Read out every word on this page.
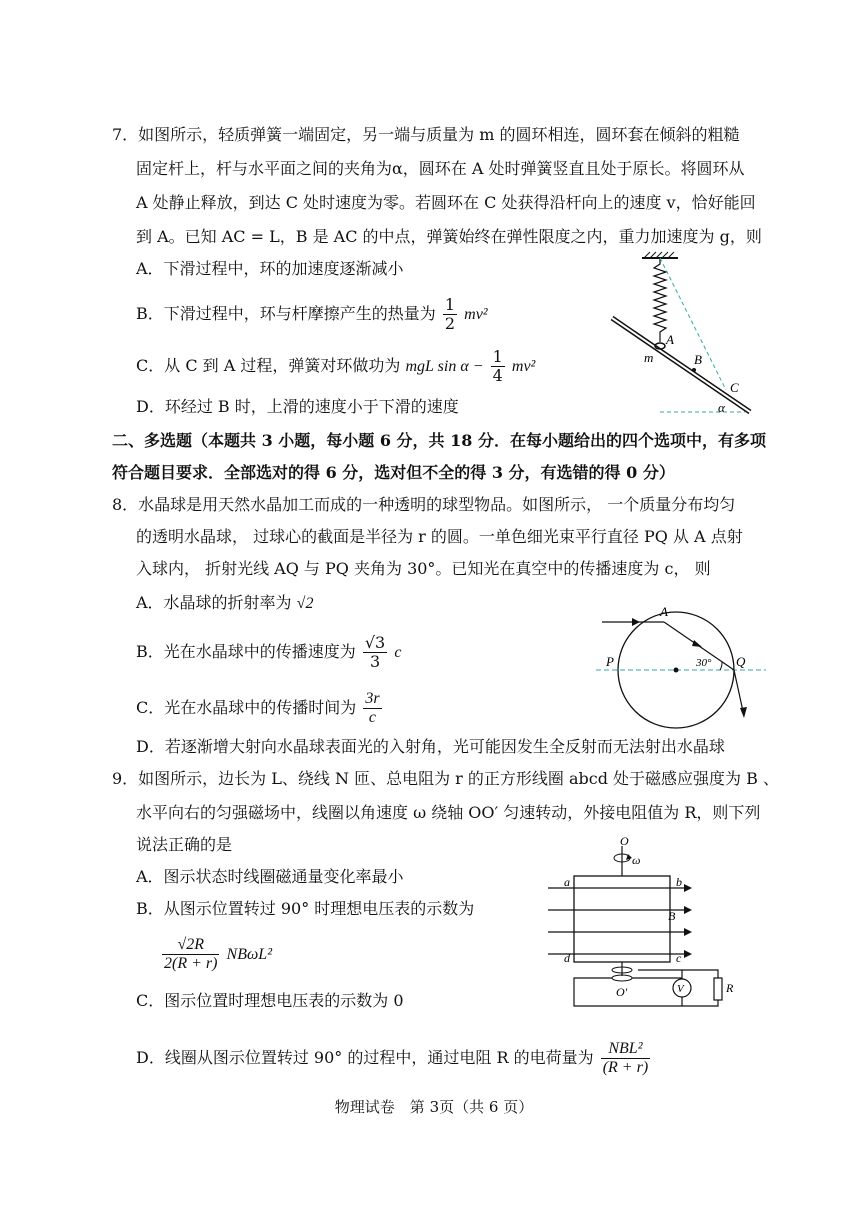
7．如图所示，轻质弹簧一端固定，另一端与质量为 m 的圆环相连，圆环套在倾斜的粗糙
固定杆上，杆与水平面之间的夹角为α，圆环在 A 处时弹簧竖直且处于原长。将圆环从
A 处静止释放，到达 C 处时速度为零。若圆环在 C 处获得沿杆向上的速度 v，恰好能回
到 A。已知 AC = L，B 是 AC 的中点，弹簧始终在弹性限度之内，重力加速度为 g，则
A．下滑过程中，环的加速度逐渐减小
B．下滑过程中，环与杆摩擦产生的热量为 $\frac{1}{2} mv^2$
C．从 C 到 A 过程，弹簧对环做功为 mgL $\sin \alpha - \frac{1}{4} mv^2$
D．环经过 B 时，上滑的速度小于下滑的速度
A
m	B
C
α
二、多选题（本题共 3 小题，每小题 6 分，共 18 分．在每小题给出的四个选项中，有多项
符合题目要求．全部选对的得 6 分，选对但不全的得 3 分，有选错的得 0 分）
8．水晶球是用天然水晶加工而成的一种透明的球型物品。如图所示， 一个质量分布均匀
的透明水晶球， 过球心的截面是半径为 r 的圆。一单色细光束平行直径 PQ 从 A 点射
入球内， 折射光线 AQ 与 PQ 夹角为 30°。已知光在真空中的传播速度为 c， 则
A．水晶球的折射率为 √2
B．光在水晶球中的传播速度为 $\frac{√3}{3}$ c
C．光在水晶球中的传播时间为 $\frac{3r}{c}$
D．若逐渐增大射向水晶球表面光的入射角，光可能因发生全反射而无法射出水晶球
A
P	Q
30°
9．如图所示，边长为 L、绕线 N 匝、总电阻为 r 的正方形线圈 abcd 处于磁感应强度为 B 、
水平向右的匀强磁场中，线圈以角速度 ω 绕轴 OO′ 匀速转动，外接电阻值为 R，则下列
说法正确的是
A．图示状态时线圈磁通量变化率最小
B．从图示位置转过 90° 时理想电压表的示数为
$\frac{√2R}{2(R + r)} NB\omega L^2$
C．图示位置时理想电压表的示数为 0
D．线圈从图示位置转过 90° 的过程中，通过电阻 R 的电荷量为 $\frac{\text{NBL²}}{(R + r)}$
O
ω
a	b
d	c
B
O′	V	R
物理试卷　第 3页（共 6 页）
